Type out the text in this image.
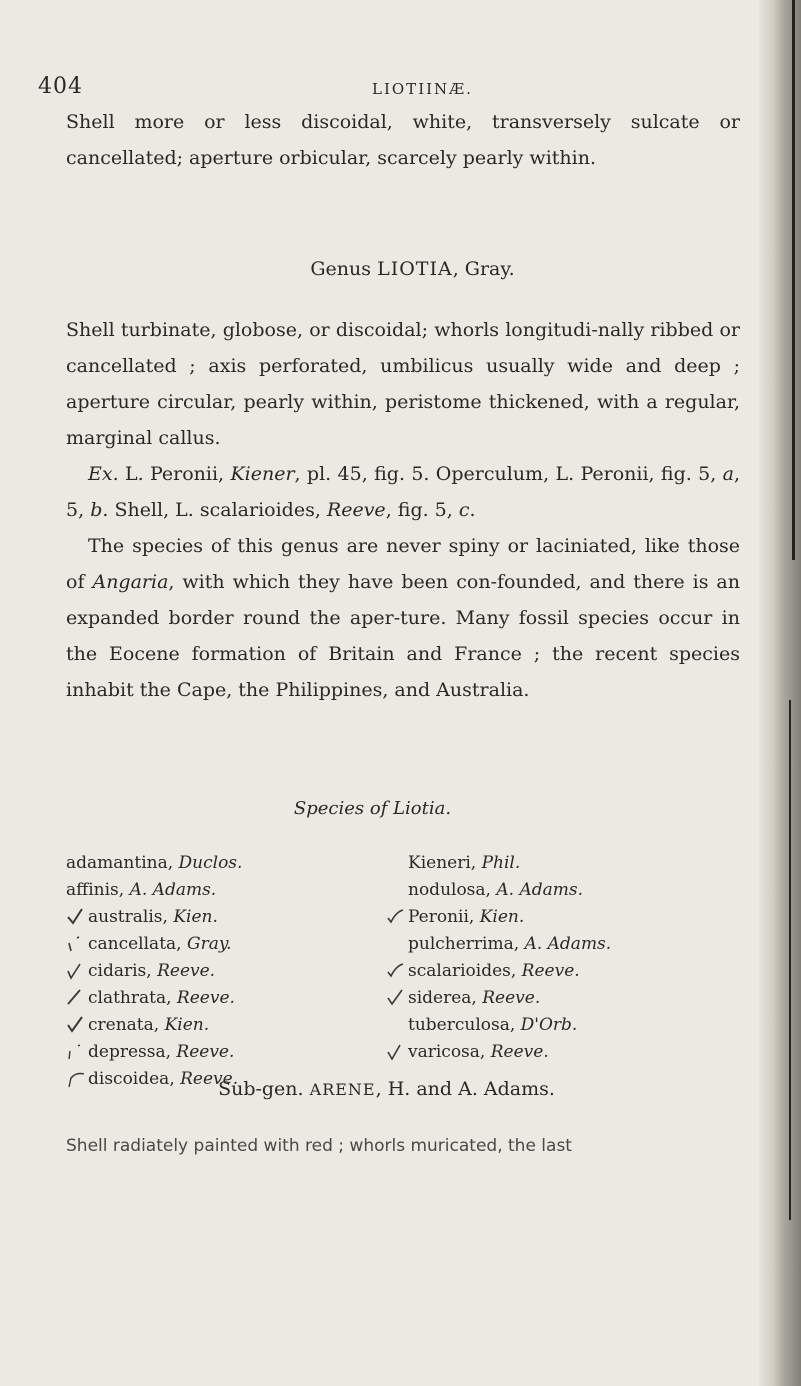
404	LIOTIINÆ.

Shell more or less discoidal, white, transversely sulcate or cancellated; aperture orbicular, scarcely pearly within.

Genus LIOTIA, Gray.

Shell turbinate, globose, or discoidal; whorls longitudi-nally ribbed or cancellated ; axis perforated, umbilicus usually wide and deep ; aperture circular, pearly within, peristome thickened, with a regular, marginal callus.

Ex. L. Peronii, Kiener, pl. 45, fig. 5. Operculum, L. Peronii, fig. 5, a, 5, b. Shell, L. scalarioides, Reeve, fig. 5, c.

The species of this genus are never spiny or laciniated, like those of Angaria, with which they have been con-founded, and there is an expanded border round the aper-ture. Many fossil species occur in the Eocene formation of Britain and France ; the recent species inhabit the Cape, the Philippines, and Australia.

Species of Liotia.
adamantina, Duclos.
affinis, A. Adams.
australis, Kien.
cancellata, Gray.
cidaris, Reeve.
clathrata, Reeve.
crenata, Kien.
depressa, Reeve.
discoidea, Reeve.
Kieneri, Phil.
nodulosa, A. Adams.
Peronii, Kien.
pulcherrima, A. Adams.
scalarioides, Reeve.
siderea, Reeve.
tuberculosa, D'Orb.
varicosa, Reeve.
Sub-gen. ARENE, H. and A. Adams.
Shell radiately painted with red ; whorls muricated, the last
